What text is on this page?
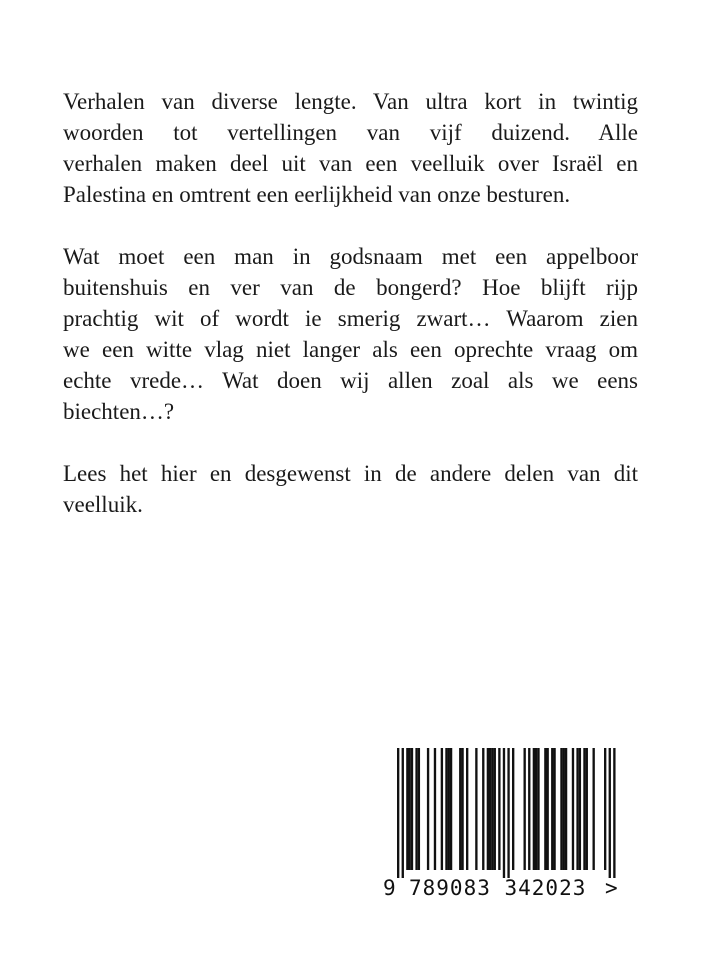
Verhalen van diverse lengte. Van ultra kort in twintig
woorden tot vertellingen van vijf duizend. Alle
verhalen maken deel uit van een veelluik over Israël en
Palestina en omtrent een eerlijkheid van onze besturen.

Wat moet een man in godsnaam met een appelboor
buitenshuis en ver van de bongerd? Hoe blijft rijp
prachtig wit of wordt ie smerig zwart… Waarom zien
we een witte vlag niet langer als een oprechte vraag om
echte vrede… Wat doen wij allen zoal als we eens
biechten…?

Lees het hier en desgewenst in de andere delen van dit
veelluik.

9

789083 342023

>
